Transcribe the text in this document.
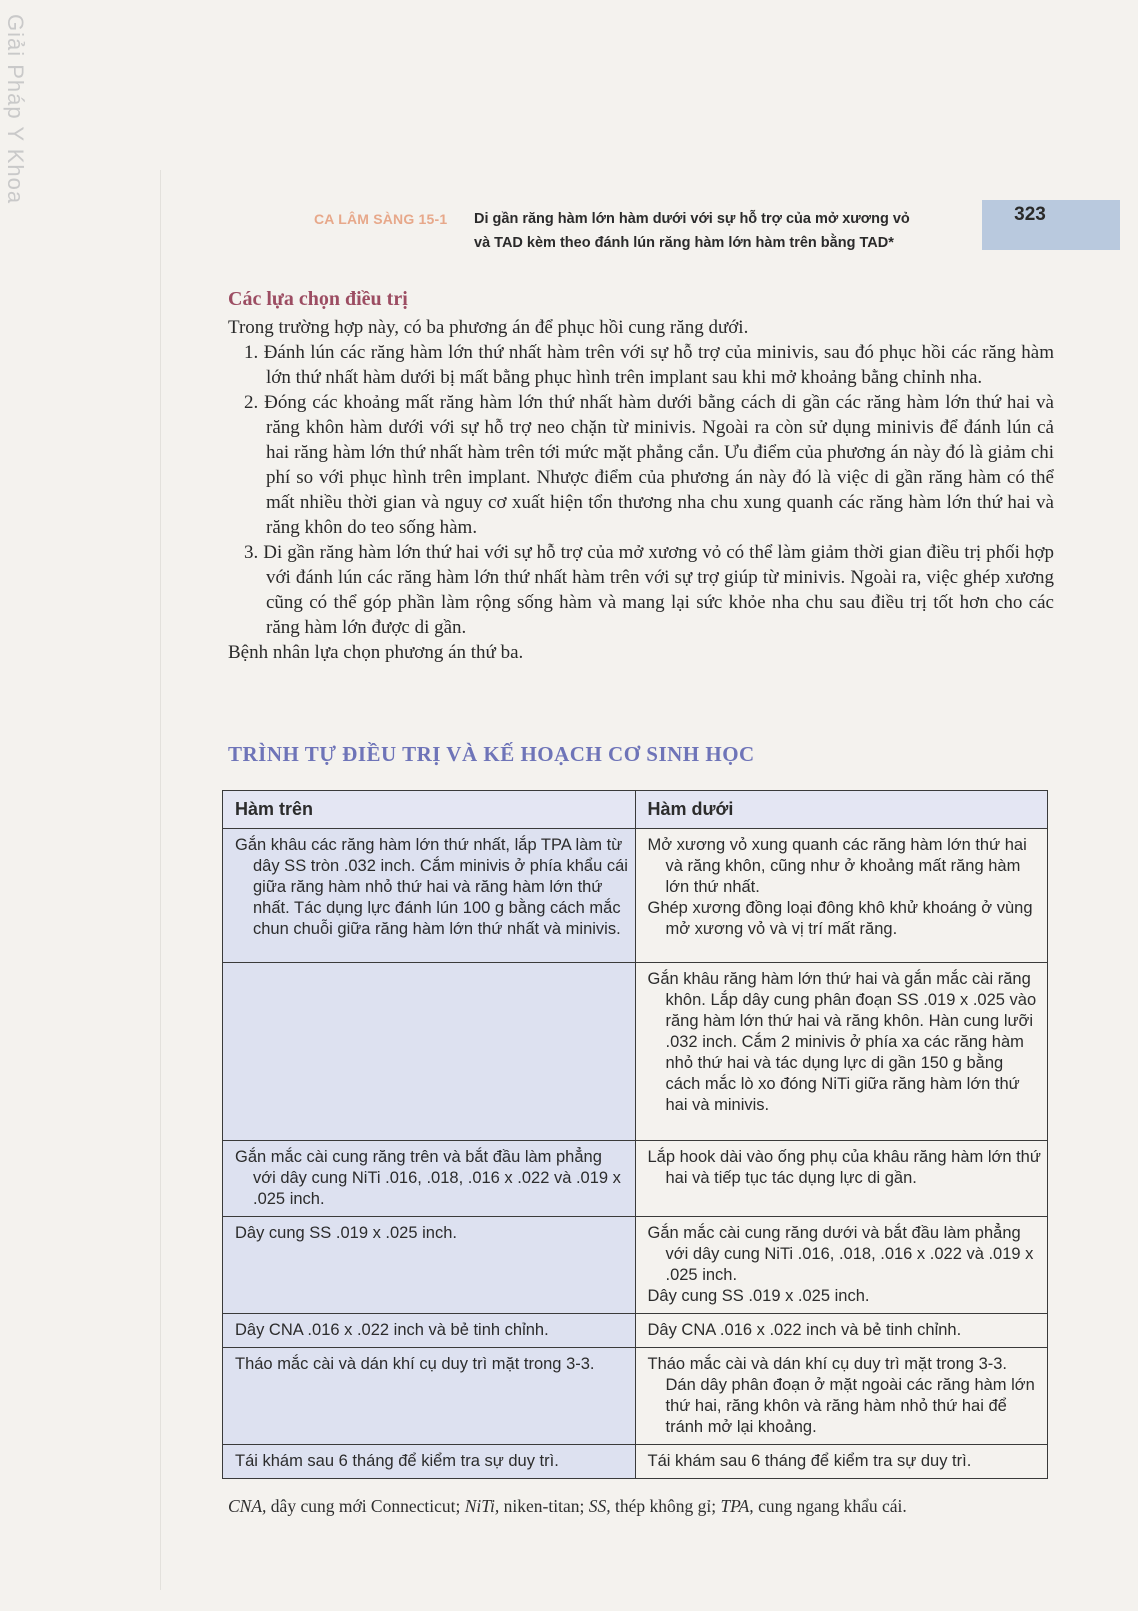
Giải Pháp Y Khoa
CA LÂM SÀNG 15-1 Di gần răng hàm lớn hàm dưới với sự hỗ trợ của mở xương vỏ
và TAD kèm theo đánh lún răng hàm lớn hàm trên bằng TAD*
323
Các lựa chọn điều trị

Trong trường hợp này, có ba phương án để phục hồi cung răng dưới.

1. Đánh lún các răng hàm lớn thứ nhất hàm trên với sự hỗ trợ của minivis, sau đó phục hồi các răng hàm lớn thứ nhất hàm dưới bị mất bằng phục hình trên implant sau khi mở khoảng bằng chỉnh nha.
2. Đóng các khoảng mất răng hàm lớn thứ nhất hàm dưới bằng cách di gần các răng hàm lớn thứ hai và răng khôn hàm dưới với sự hỗ trợ neo chặn từ minivis. Ngoài ra còn sử dụng minivis để đánh lún cả hai răng hàm lớn thứ nhất hàm trên tới mức mặt phẳng cắn. Ưu điểm của phương án này đó là giảm chi phí so với phục hình trên implant. Nhược điểm của phương án này đó là việc di gần răng hàm có thể mất nhiều thời gian và nguy cơ xuất hiện tổn thương nha chu xung quanh các răng hàm lớn thứ hai và răng khôn do teo sống hàm.
3. Di gần răng hàm lớn thứ hai với sự hỗ trợ của mở xương vỏ có thể làm giảm thời gian điều trị phối hợp với đánh lún các răng hàm lớn thứ nhất hàm trên với sự trợ giúp từ minivis. Ngoài ra, việc ghép xương cũng có thể góp phần làm rộng sống hàm và mang lại sức khỏe nha chu sau điều trị tốt hơn cho các răng hàm lớn được di gần.

Bệnh nhân lựa chọn phương án thứ ba.

TRÌNH TỰ ĐIỀU TRỊ VÀ KẾ HOẠCH CƠ SINH HỌC
Hàm trên	Hàm dưới

Gắn khâu các răng hàm lớn thứ nhất, lắp TPA làm từ dây SS tròn .032 inch. Cắm minivis ở phía khẩu cái giữa răng hàm nhỏ thứ hai và răng hàm lớn thứ nhất. Tác dụng lực đánh lún 100 g bằng cách mắc chun chuỗi giữa răng hàm lớn thứ nhất và minivis.	Mở xương vỏ xung quanh các răng hàm lớn thứ hai và răng khôn, cũng như ở khoảng mất răng hàm lớn thứ nhất.
Ghép xương đồng loại đông khô khử khoáng ở vùng mở xương vỏ và vị trí mất răng.

	Gắn khâu răng hàm lớn thứ hai và gắn mắc cài răng khôn. Lắp dây cung phân đoạn SS .019 x .025 vào răng hàm lớn thứ hai và răng khôn. Hàn cung lưỡi .032 inch. Cắm 2 minivis ở phía xa các răng hàm nhỏ thứ hai và tác dụng lực di gần 150 g bằng cách mắc lò xo đóng NiTi giữa răng hàm lớn thứ hai và minivis.

Gắn mắc cài cung răng trên và bắt đầu làm phẳng với dây cung NiTi .016, .018, .016 x .022 và .019 x .025 inch.	Lắp hook dài vào ống phụ của khâu răng hàm lớn thứ hai và tiếp tục tác dụng lực di gần.

Dây cung SS .019 x .025 inch.	Gắn mắc cài cung răng dưới và bắt đầu làm phẳng với dây cung NiTi .016, .018, .016 x .022 và .019 x .025 inch.
Dây cung SS .019 x .025 inch.

Dây CNA .016 x .022 inch và bẻ tinh chỉnh.	Dây CNA .016 x .022 inch và bẻ tinh chỉnh.

Tháo mắc cài và dán khí cụ duy trì mặt trong 3-3.	Tháo mắc cài và dán khí cụ duy trì mặt trong 3-3. Dán dây phân đoạn ở mặt ngoài các răng hàm lớn thứ hai, răng khôn và răng hàm nhỏ thứ hai để tránh mở lại khoảng.

Tái khám sau 6 tháng để kiểm tra sự duy trì.	Tái khám sau 6 tháng để kiểm tra sự duy trì.
CNA, dây cung mới Connecticut; NiTi, niken-titan; SS, thép không gỉ; TPA, cung ngang khẩu cái.
